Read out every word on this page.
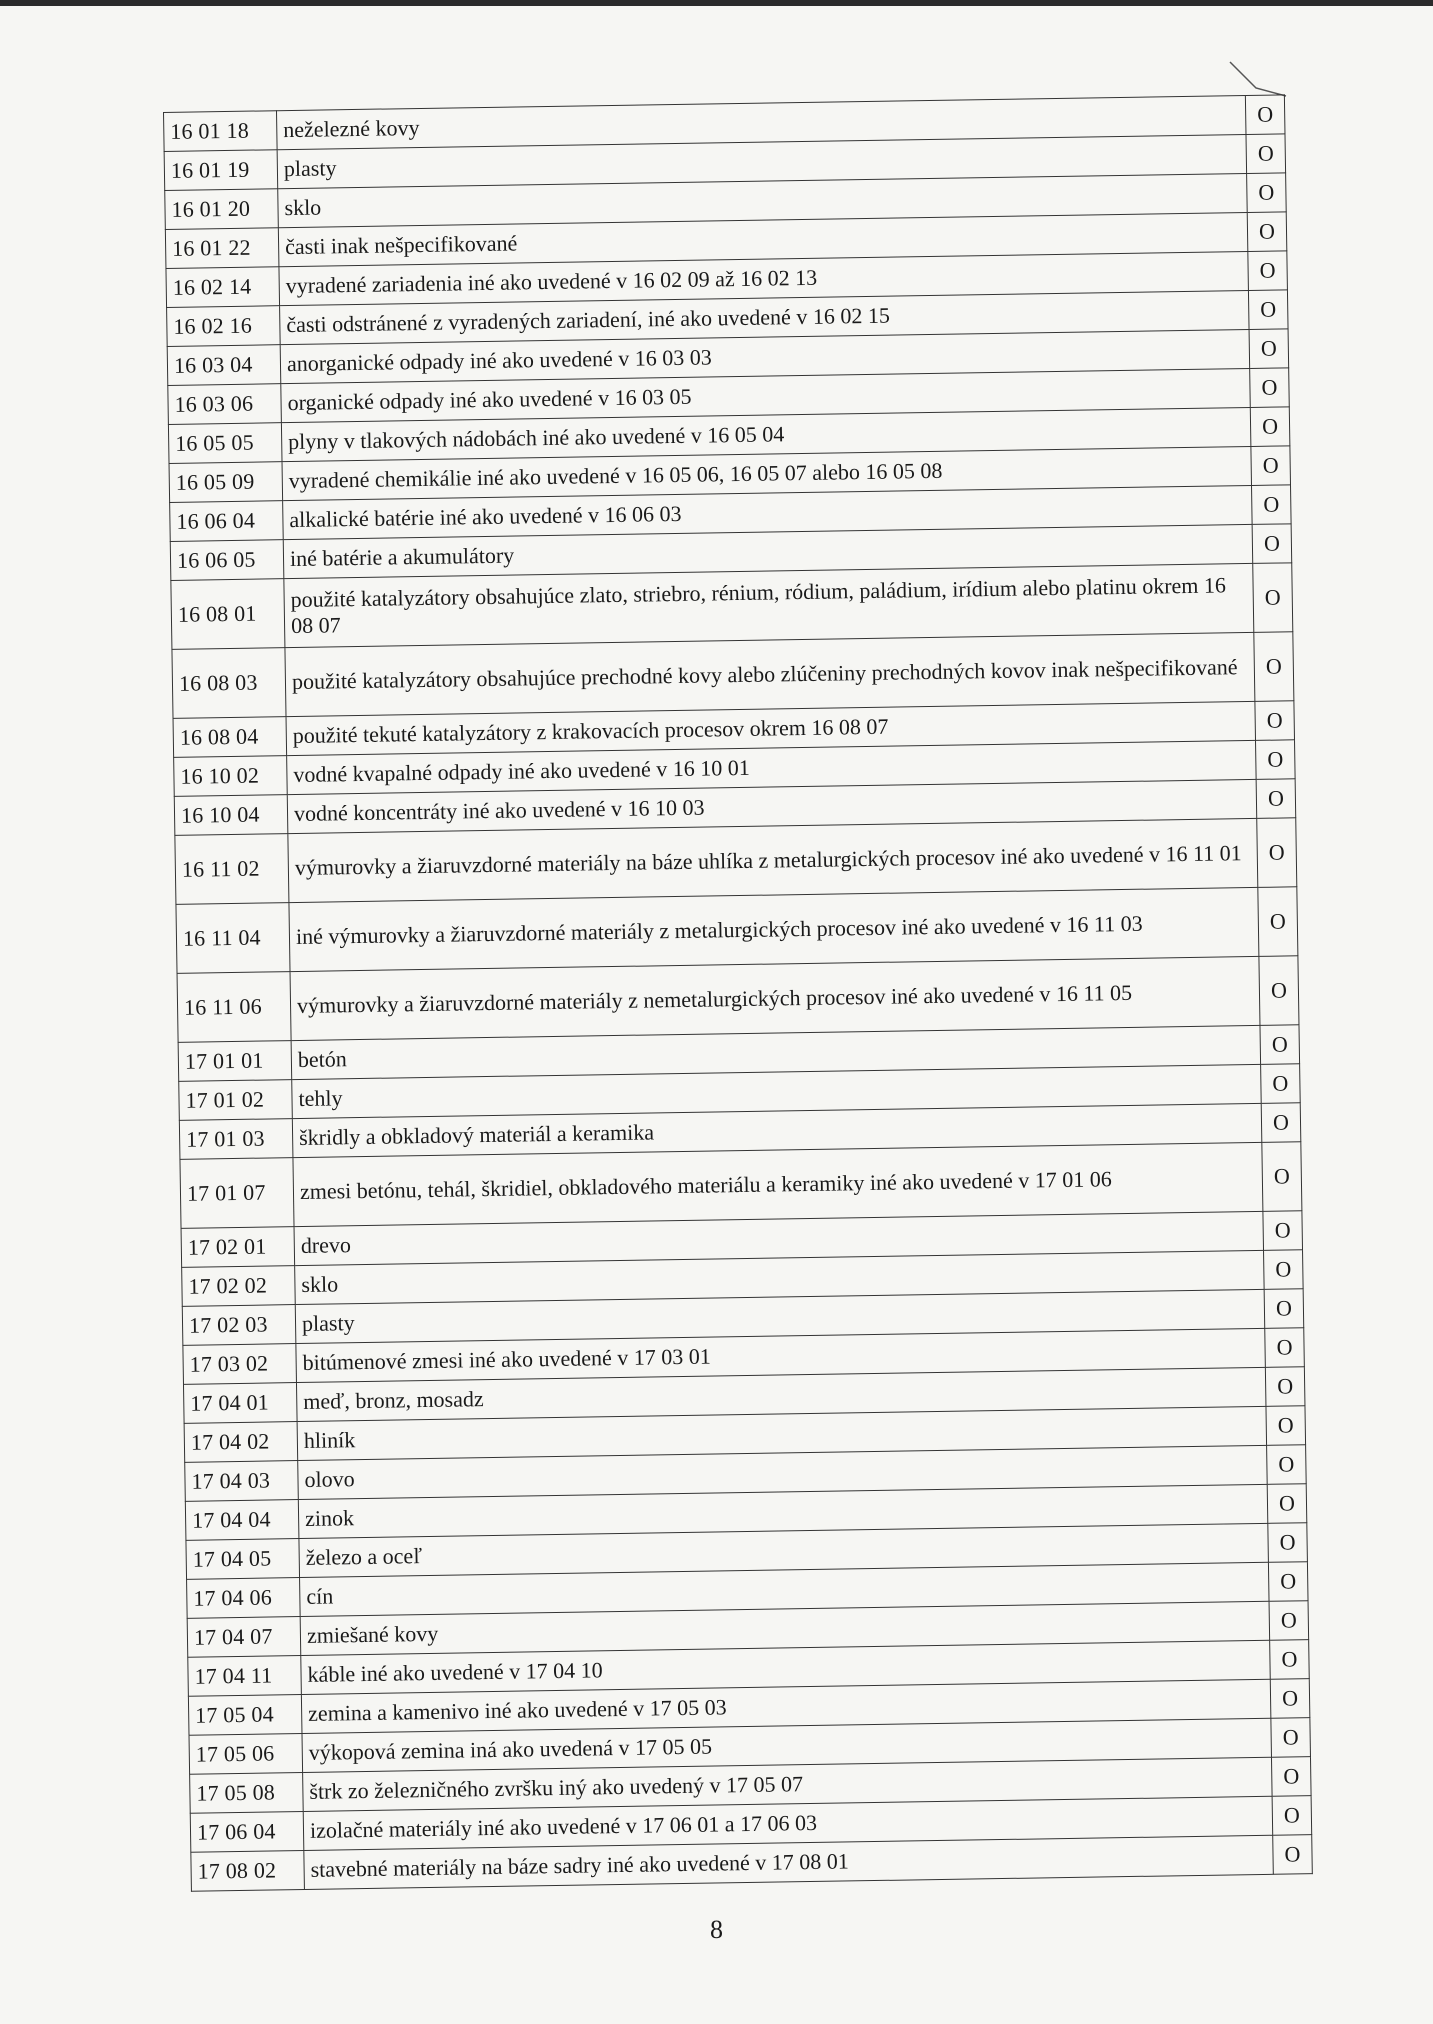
16 01 18	neželezné kovy	O
16 01 19	plasty	O
16 01 20	sklo	O
16 01 22	časti inak nešpecifikované	O
16 02 14	vyradené zariadenia iné ako uvedené v 16 02 09 až 16 02 13	O
16 02 16	časti odstránené z vyradených zariadení, iné ako uvedené v 16 02 15	O
16 03 04	anorganické odpady iné ako uvedené v 16 03 03	O
16 03 06	organické odpady iné ako uvedené v 16 03 05	O
16 05 05	plyny v tlakových nádobách iné ako uvedené v 16 05 04	O
16 05 09	vyradené chemikálie iné ako uvedené v 16 05 06, 16 05 07 alebo 16 05 08	O
16 06 04	alkalické batérie iné ako uvedené v 16 06 03	O
16 06 05	iné batérie a akumulátory	O
16 08 01	použité katalyzátory obsahujúce zlato, striebro, rénium, ródium, paládium, irídium alebo platinu okrem 16 08 07	O
16 08 03	použité katalyzátory obsahujúce prechodné kovy alebo zlúčeniny prechodných kovov inak nešpecifikované	O
16 08 04	použité tekuté katalyzátory z krakovacích procesov okrem 16 08 07	O
16 10 02	vodné kvapalné odpady iné ako uvedené v 16 10 01	O
16 10 04	vodné koncentráty iné ako uvedené v 16 10 03	O
16 11 02	výmurovky a žiaruvzdorné materiály na báze uhlíka z metalurgických procesov iné ako uvedené v 16 11 01	O
16 11 04	iné výmurovky a žiaruvzdorné materiály z metalurgických procesov iné ako uvedené v 16 11 03	O
16 11 06	výmurovky a žiaruvzdorné materiály z nemetalurgických procesov iné ako uvedené v 16 11 05	O
17 01 01	betón	O
17 01 02	tehly	O
17 01 03	škridly a obkladový materiál a keramika	O
17 01 07	zmesi betónu, tehál, škridiel, obkladového materiálu a keramiky iné ako uvedené v 17 01 06	O
17 02 01	drevo	O
17 02 02	sklo	O
17 02 03	plasty	O
17 03 02	bitúmenové zmesi iné ako uvedené v 17 03 01	O
17 04 01	meď, bronz, mosadz	O
17 04 02	hliník	O
17 04 03	olovo	O
17 04 04	zinok	O
17 04 05	železo a oceľ	O
17 04 06	cín	O
17 04 07	zmiešané kovy	O
17 04 11	káble iné ako uvedené v 17 04 10	O
17 05 04	zemina a kamenivo iné ako uvedené v 17 05 03	O
17 05 06	výkopová zemina iná ako uvedená v 17 05 05	O
17 05 08	štrk zo železničného zvršku iný ako uvedený v 17 05 07	O
17 06 04	izolačné materiály iné ako uvedené v 17 06 01 a 17 06 03	O
17 08 02	stavebné materiály na báze sadry iné ako uvedené v 17 08 01	O
8
